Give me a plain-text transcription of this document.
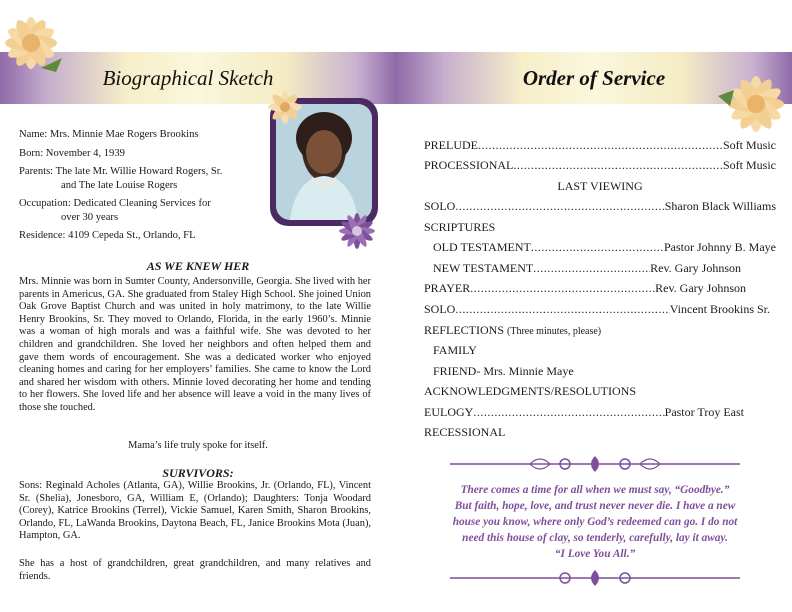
Biographical Sketch
Name: Mrs. Minnie Mae Rogers Brookins
Born: November 4, 1939
Parents: The late Mr. Willie Howard Rogers, Sr.
and The late Louise Rogers
Occupation: Dedicated Cleaning Services for
over 30 years
Residence: 4109 Cepeda St., Orlando, FL
AS WE KNEW HER
Mrs. Minnie was born in Sumter County, Andersonville, Georgia. She lived with her parents in Americus, GA. She graduated from Staley High School. She joined Union Oak Grove Baptist Church and was united in holy matrimony, to the late Willie Henry Brookins, Sr. They moved to Orlando, Florida, in the early 1960’s. Minnie was a woman of high morals and was a faithful wife. She was devoted to her children and grandchildren. She loved her neighbors and often helped them and gave them words of encouragement. She was a dedicated worker who enjoyed cleaning homes and caring for her employers’ families. She came to know the Lord and shared her wisdom with others. Minnie loved decorating her home and tending to her flowers. She loved life and her absence will leave a void in the many lives of those she touched.
Mama’s life truly spoke for itself.
SURVIVORS:
Sons: Reginald Acholes (Atlanta, GA), Willie Brookins, Jr. (Orlando, FL), Vincent Sr. (Shelia), Jonesboro, GA, William E, (Orlando); Daughters: Tonja Woodard (Corey), Katrice Brookins (Terrel), Vickie Samuel, Karen Smith, Sharon Brookins, Orlando, FL, LaWanda Brookins, Daytona Beach, FL, Janice Brookins Mota (Juan), Hampton, GA.
She has a host of grandchildren, great grandchildren, and many relatives and friends.
Order of Service
PRELUDE .....	Soft Music
PROCESSIONAL .....	Soft Music
LAST VIEWING
SOLO .....	Sharon Black Williams
SCRIPTURES
OLD TESTAMENT .....	Pastor Johnny B. Maye
NEW TESTAMENT .....	Rev. Gary Johnson
PRAYER .....	Rev. Gary Johnson
SOLO .....	Vincent Brookins Sr.
REFLECTIONS (Three minutes, please)
FAMILY
FRIEND- Mrs. Minnie Maye
ACKNOWLEDGMENTS/RESOLUTIONS
EULOGY .....	Pastor Troy East
RECESSIONAL
There comes a time for all when we must say, “Goodbye.”
But faith, hope, love, and trust never never die. I have a new
house you know, where only God’s redeemed can go. I do not
need this house of clay, so tenderly, carefully, lay it away.
“I Love You All.”
